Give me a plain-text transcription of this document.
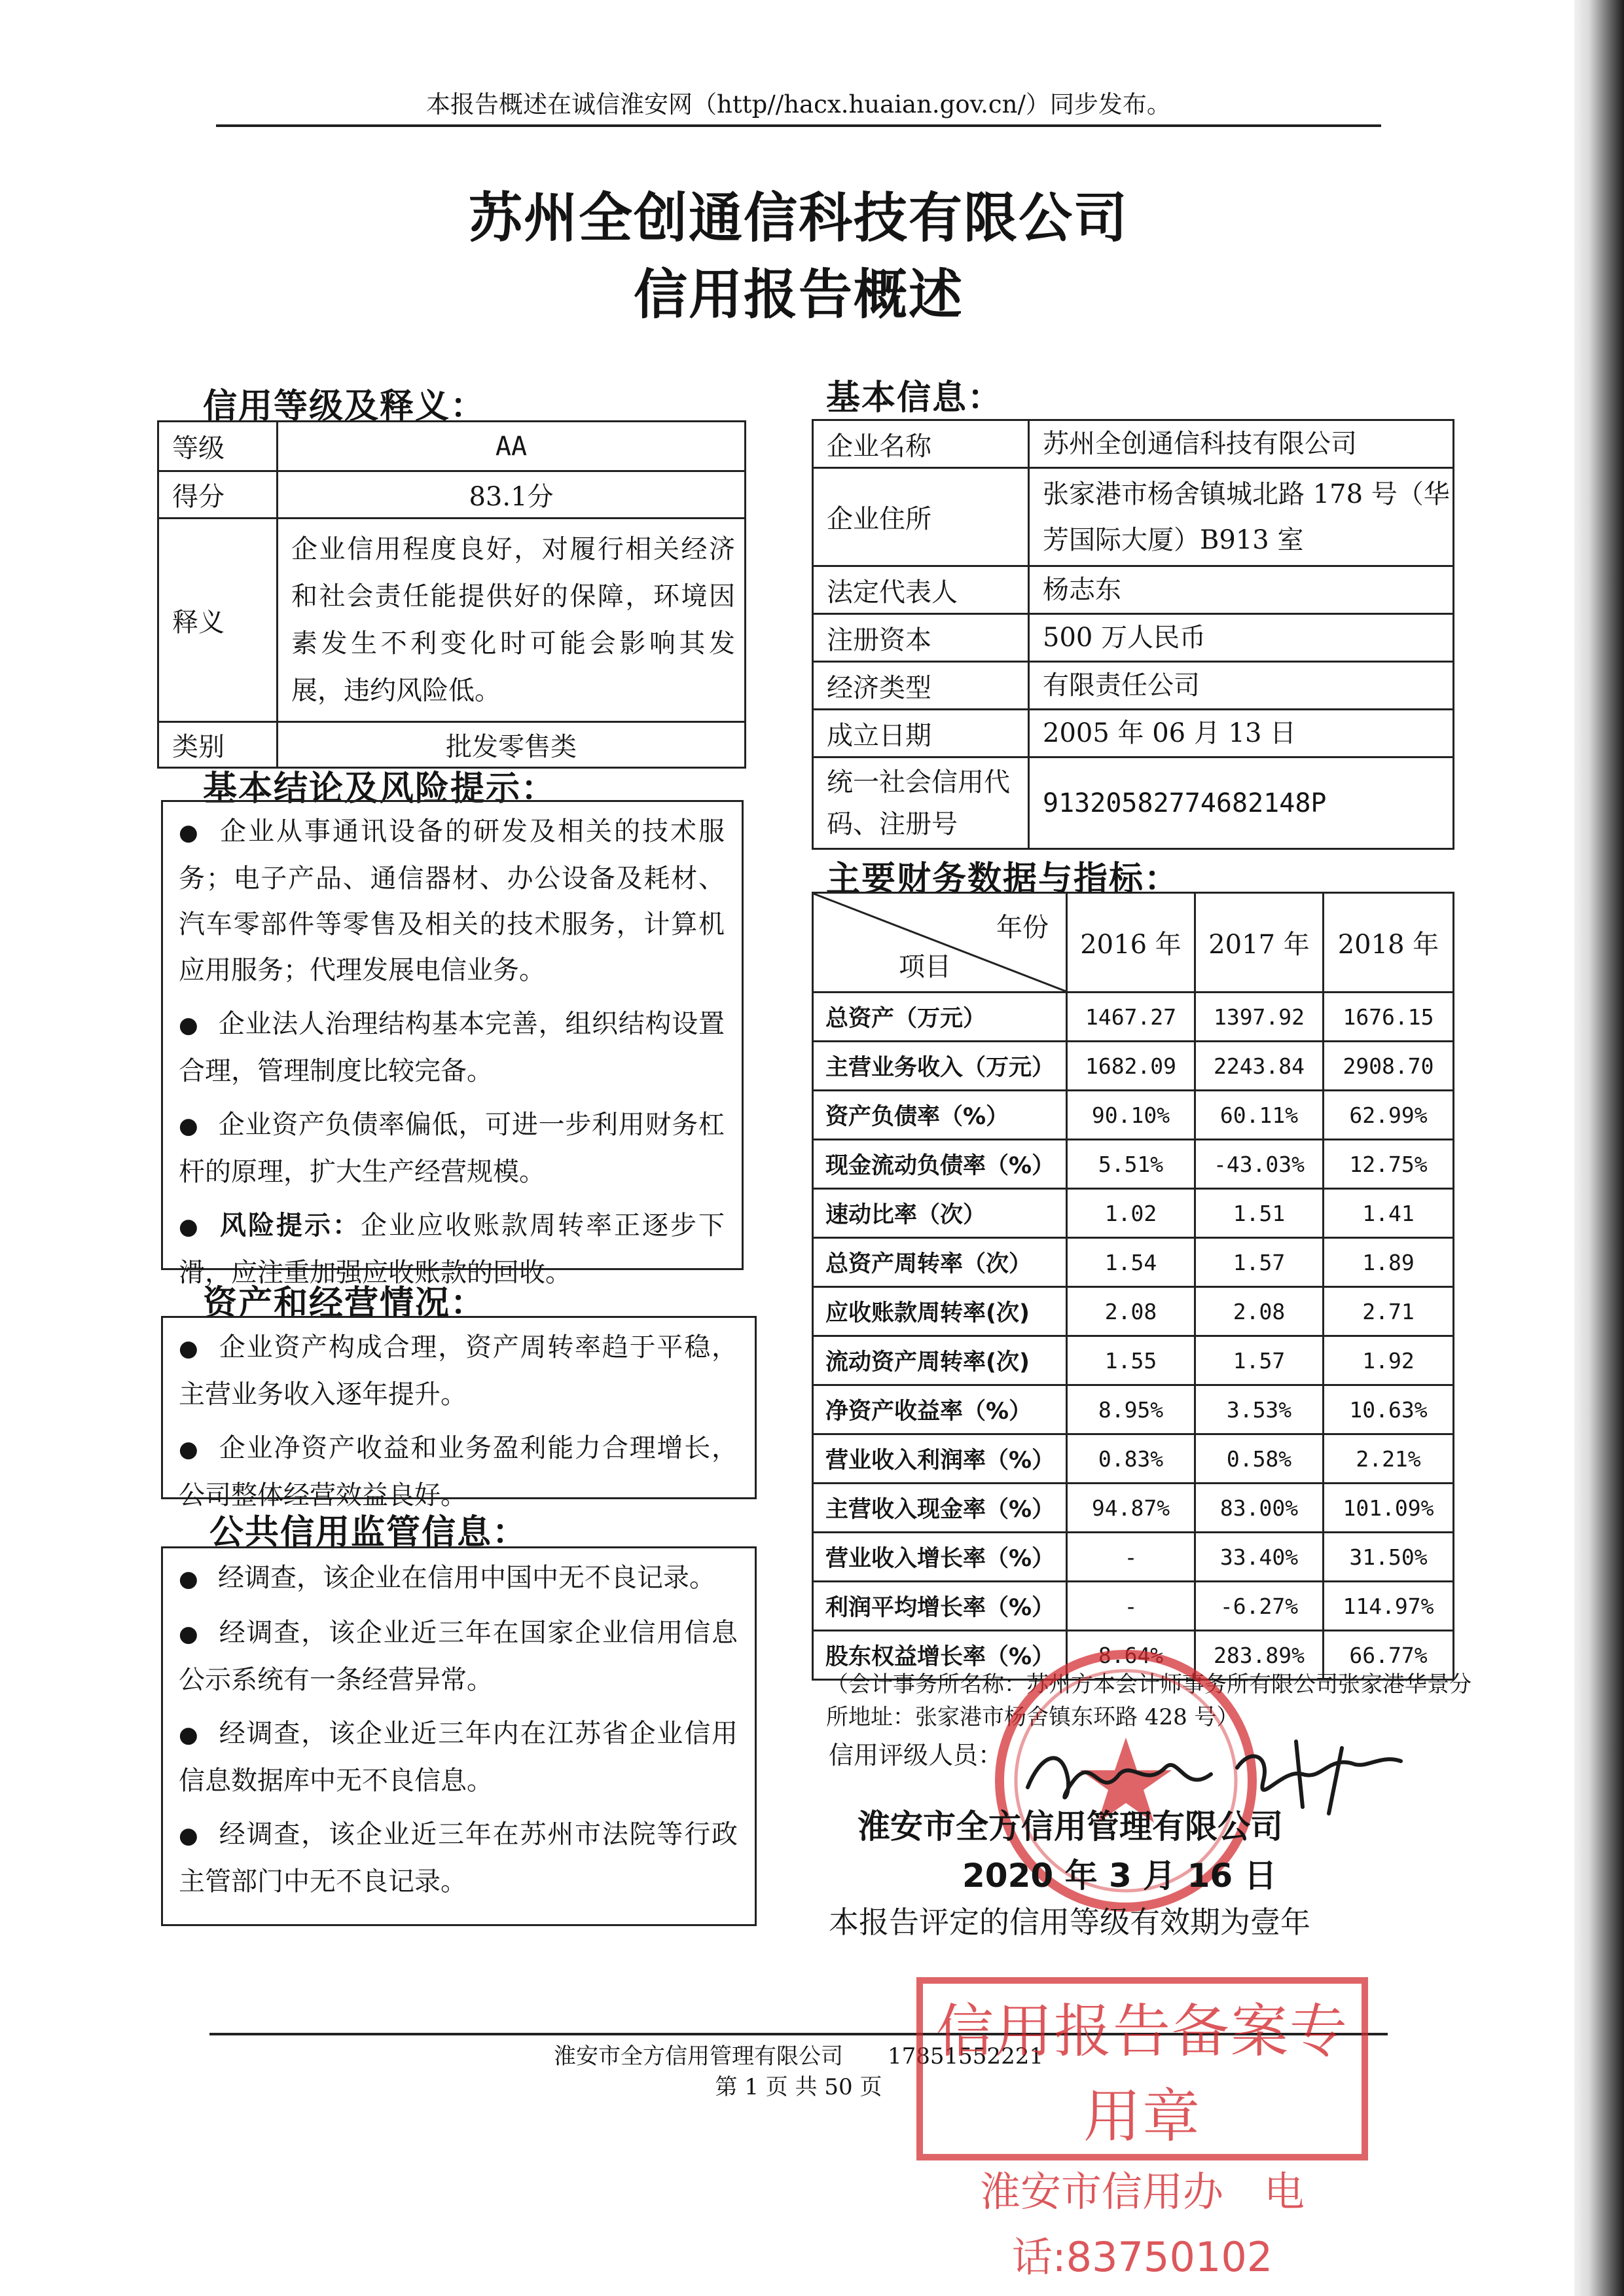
本报告概述在诚信淮安网（http//hacx.huaian.gov.cn/）同步发布。
苏州全创通信科技有限公司
信用报告概述
信用等级及释义：
等级	AA
得分	83.1分
释义	企业信用程度良好，对履行相关经济和社会责任能提供好的保障，环境因素发生不利变化时可能会影响其发展，违约风险低。
类别	批发零售类
基本结论及风险提示：

● 企业从事通讯设备的研发及相关的技术服务；电子产品、通信器材、办公设备及耗材、汽车零部件等零售及相关的技术服务，计算机应用服务；代理发展电信业务。

● 企业法人治理结构基本完善，组织结构设置合理，管理制度比较完备。

● 企业资产负债率偏低，可进一步利用财务杠杆的原理，扩大生产经营规模。

● 风险提示：企业应收账款周转率正逐步下滑，应注重加强应收账款的回收。

资产和经营情况：

● 企业资产构成合理，资产周转率趋于平稳，主营业务收入逐年提升。

● 企业净资产收益和业务盈利能力合理增长，公司整体经营效益良好。

公共信用监管信息：

● 经调查，该企业在信用中国中无不良记录。

● 经调查，该企业近三年在国家企业信用信息公示系统有一条经营异常。

● 经调查，该企业近三年内在江苏省企业信用信息数据库中无不良信息。

● 经调查，该企业近三年在苏州市法院等行政主管部门中无不良记录。

基本信息：
企业名称	苏州全创通信科技有限公司
企业住所	张家港市杨舍镇城北路 178 号（华芳国际大厦）B913 室
法定代表人	杨志东
注册资本	500 万人民币
经济类型	有限责任公司
成立日期	2005 年 06 月 13 日
统一社会信用代码、注册号	91320582774682148P
主要财务数据与指标：
年份
项目	2016 年	2017 年	2018 年
总资产（万元）	1467.27	1397.92	1676.15
主营业务收入（万元）	1682.09	2243.84	2908.70
资产负债率（%）	90.10%	60.11%	62.99%
现金流动负债率（%）	5.51%	-43.03%	12.75%
速动比率（次）	1.02	1.51	1.41
总资产周转率（次）	1.54	1.57	1.89
应收账款周转率(次)	2.08	2.08	2.71
流动资产周转率(次)	1.55	1.57	1.92
净资产收益率（%）	8.95%	3.53%	10.63%
营业收入利润率（%）	0.83%	0.58%	2.21%
主营收入现金率（%）	94.87%	83.00%	101.09%
营业收入增长率（%）	-	33.40%	31.50%
利润平均增长率（%）	-	-6.27%	114.97%
股东权益增长率（%）	8.64%	283.89%	66.77%
（会计事务所名称：苏州方本会计师事务所有限公司张家港华景分所地址：张家港市杨舍镇东环路 428 号）
信用评级人员：
淮安市全方信用管理有限公司
2020 年 3 月 16 日
本报告评定的信用等级有效期为壹年
淮安市全方信用管理有限公司　　17851552221
第 1 页 共 50 页
信用报告备案专用章
淮安市信用办　电话:83750102
